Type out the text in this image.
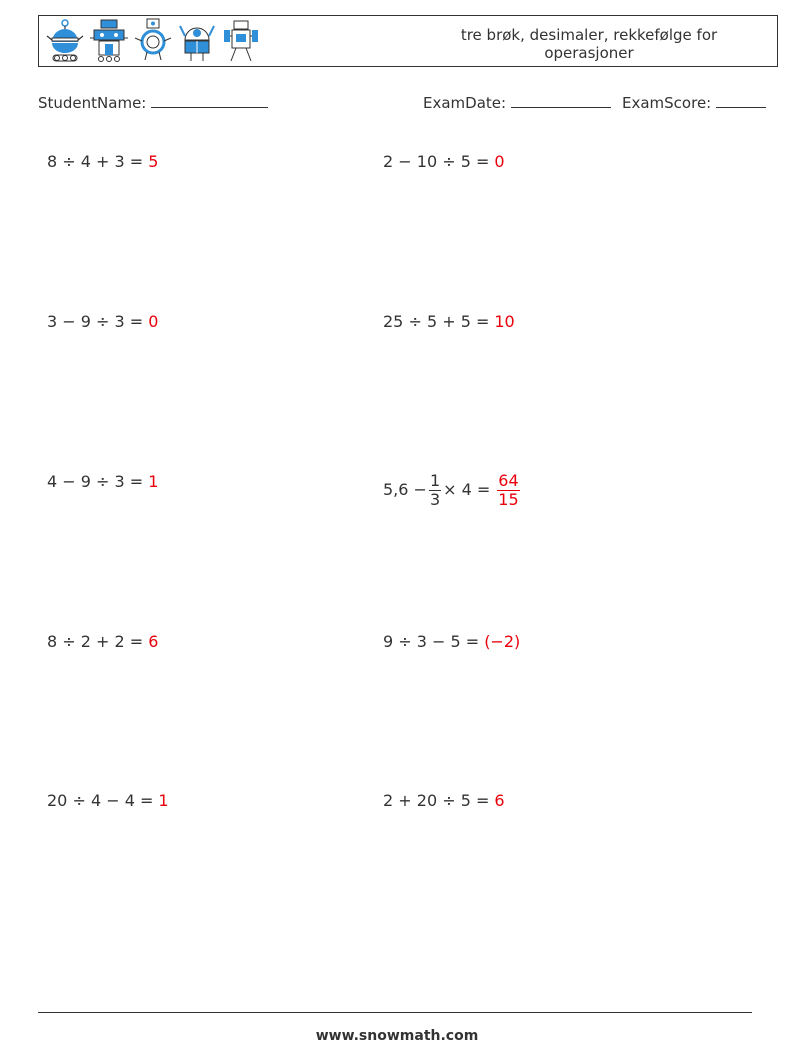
tre brøk, desimaler, rekkefølge for operasjoner
StudentName:	ExamDate:	ExamScore:
8 ÷ 4 + 3 = 5	2 − 10 ÷ 5 = 0
3 − 9 ÷ 3 = 0	25 ÷ 5 + 5 = 10
4 − 9 ÷ 3 = 1	$5,6 - \frac{1}{3} \times 4 = \frac{64}{15}$
8 ÷ 2 + 2 = 6	9 ÷ 3 − 5 = (−2)
20 ÷ 4 − 4 = 1	2 + 20 ÷ 5 = 6
www.snowmath.com
